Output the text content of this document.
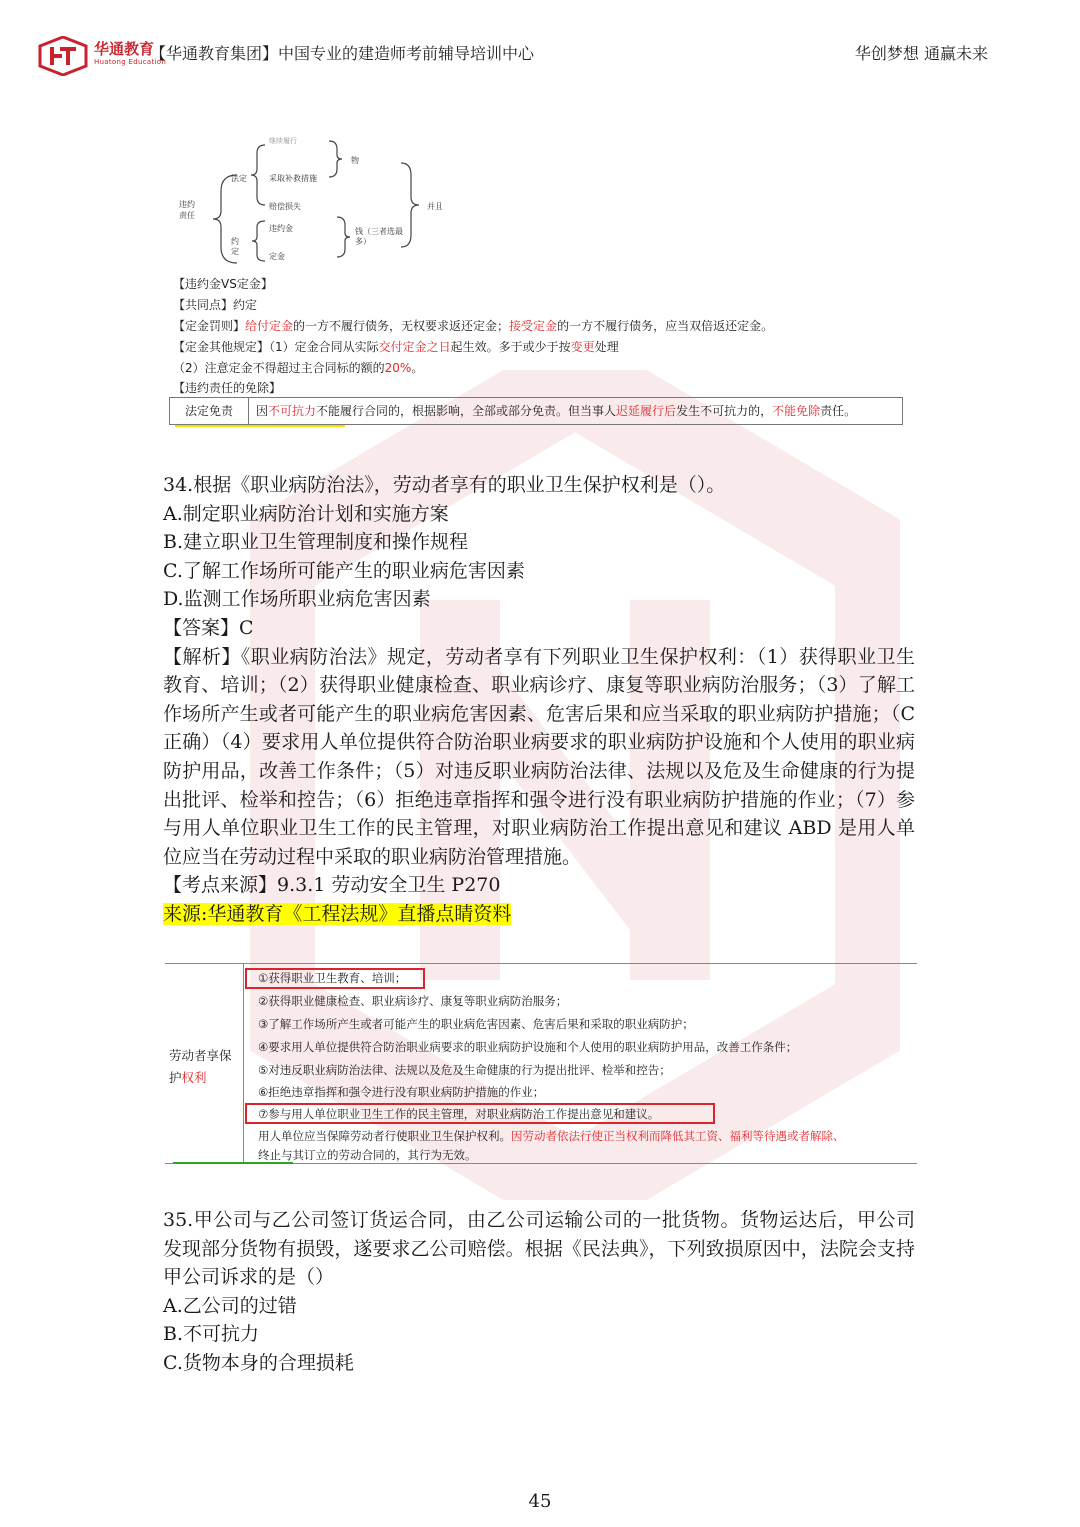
华通教育
Huatong Education
【华通教育集团】中国专业的建造师考前辅导培训中心	华创梦想 通赢未来
继续履行
违约责任
法定
约定
采取补救措施
赔偿损失
违约金
定金
物
钱（三者选最多）
并且
【违约金VS定金】
【共同点】约定
【定金罚则】给付定金的一方不履行债务，无权要求返还定金；接受定金的一方不履行债务，应当双倍返还定金。
【定金其他规定】（1）定金合同从实际交付定金之日起生效。多于或少于按变更处理
（2）注意定金不得超过主合同标的额的20%。
【违约责任的免除】
法定免责	因不可抗力不能履行合同的，根据影响，全部或部分免责。但当事人迟延履行后发生不可抗力的，不能免除责任。

34.根据《职业病防治法》，劳动者享有的职业卫生保护权利是（）。

A.制定职业病防治计划和实施方案

B.建立职业卫生管理制度和操作规程

C.了解工作场所可能产生的职业病危害因素

D.监测工作场所职业病危害因素

【答案】C

【解析】《职业病防治法》规定，劳动者享有下列职业卫生保护权利：（1）获得职业卫生教育、培训；（2）获得职业健康检查、职业病诊疗、康复等职业病防治服务；（3）了解工作场所产生或者可能产生的职业病危害因素、危害后果和应当采取的职业病防护措施；（C 正确）（4）要求用人单位提供符合防治职业病要求的职业病防护设施和个人使用的职业病防护用品，改善工作条件；（5）对违反职业病防治法律、法规以及危及生命健康的行为提出批评、检举和控告；（6）拒绝违章指挥和强令进行没有职业病防护措施的作业；（7）参与用人单位职业卫生工作的民主管理，对职业病防治工作提出意见和建议 ABD 是用人单位应当在劳动过程中采取的职业病防治管理措施。

【考点来源】9.3.1 劳动安全卫生 P270

来源:华通教育《工程法规》直播点睛资料

劳动者享保护权利
①获得职业卫生教育、培训；
②获得职业健康检查、职业病诊疗、康复等职业病防治服务；
③了解工作场所产生或者可能产生的职业病危害因素、危害后果和采取的职业病防护；
④要求用人单位提供符合防治职业病要求的职业病防护设施和个人使用的职业病防护用品，改善工作条件；
⑤对违反职业病防治法律、法规以及危及生命健康的行为提出批评、检举和控告；
⑥拒绝违章指挥和强令进行没有职业病防护措施的作业；
⑦参与用人单位职业卫生工作的民主管理，对职业病防治工作提出意见和建议。
用人单位应当保障劳动者行使职业卫生保护权利。因劳动者依法行使正当权利而降低其工资、福利等待遇或者解除、
终止与其订立的劳动合同的，其行为无效。

35.甲公司与乙公司签订货运合同，由乙公司运输公司的一批货物。货物运达后，甲公司发现部分货物有损毁，遂要求乙公司赔偿。根据《民法典》，下列致损原因中，法院会支持甲公司诉求的是（）

A.乙公司的过错

B.不可抗力

C.货物本身的合理损耗

45
